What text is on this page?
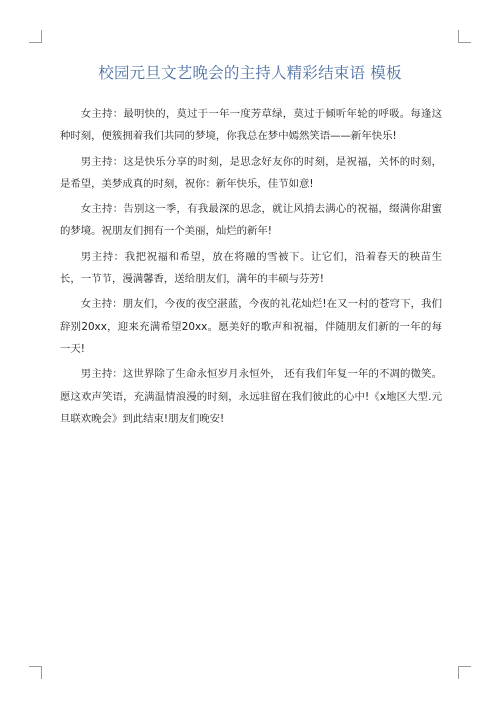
校园元旦文艺晚会的主持人精彩结束语 模板

女主持：最明快的，莫过于一年一度芳草绿，莫过于倾听年轮的呼吸。每逢这种时刻，便簇拥着我们共同的梦境，你我总在梦中嫣然笑语——新年快乐!

男主持：这是快乐分享的时刻，是思念好友你的时刻，是祝福，关怀的时刻，是希望，美梦成真的时刻，祝你：新年快乐，佳节如意!

女主持：告别这一季，有我最深的思念，就让风捎去满心的祝福，缀满你甜蜜的梦境。祝朋友们拥有一个美丽，灿烂的新年!

男主持：我把祝福和希望，放在将融的雪被下。让它们，沿着春天的秧苗生长，一节节，漫满馨香，送给朋友们，满年的丰硕与芬芳!

女主持：朋友们，今夜的夜空湛蓝，今夜的礼花灿烂!在又一村的苍穹下，我们辞别20xx，迎来充满希望20xx。愿美好的歌声和祝福，伴随朋友们新的一年的每一天!

男主持：这世界除了生命永恒岁月永恒外， 还有我们年复一年的不凋的微笑。愿这欢声笑语，充满温情浪漫的时刻，永远驻留在我们彼此的心中!《x地区大型.元旦联欢晚会》到此结束!朋友们晚安!
